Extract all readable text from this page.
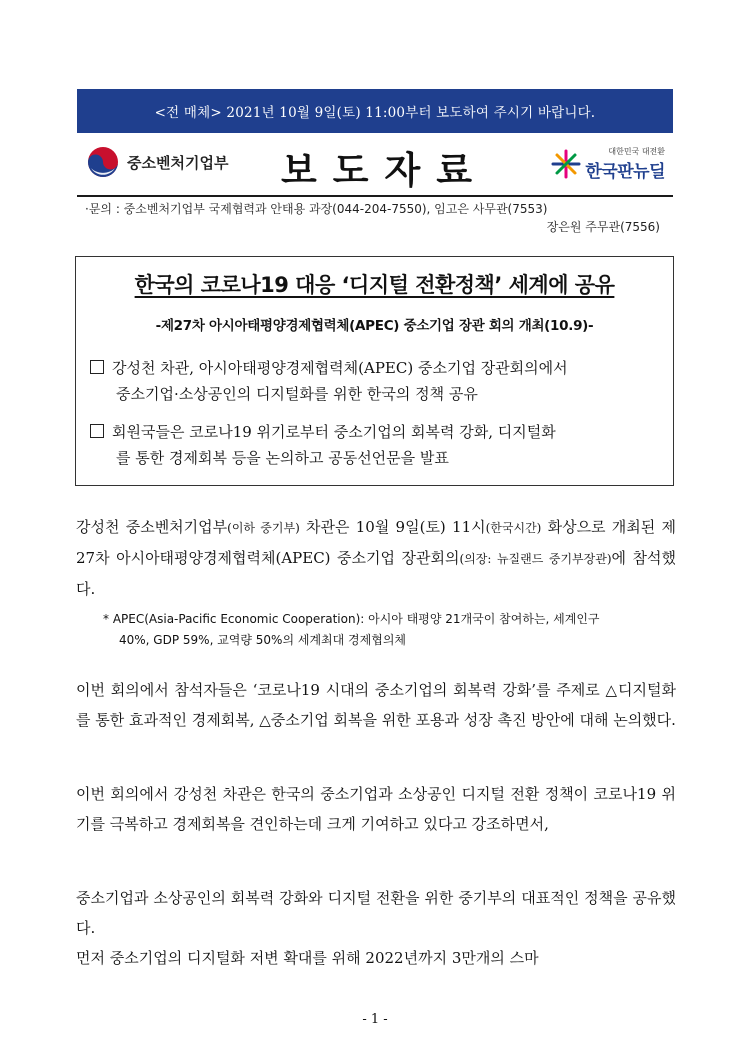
<전 매체> 2021년 10월 9일(토) 11:00부터 보도하여 주시기 바랍니다.
중소벤처기업부 보도자료	대한민국 대전환
한국판뉴딜
·문의 : 중소벤처기업부 국제협력과 안태용 과장(044-204-7550), 임고은 사무관(7553)
장은원 주무관(7556)
한국의 코로나19 대응 ‘디지털 전환정책’ 세계에 공유
-제27차 아시아태평양경제협력체(APEC) 중소기업 장관 회의 개최(10.9)-
강성천 차관, 아시아태평양경제협력체(APEC) 중소기업 장관회의에서
중소기업·소상공인의 디지털화를 위한 한국의 정책 공유
회원국들은 코로나19 위기로부터 중소기업의 회복력 강화, 디지털화
를 통한 경제회복 등을 논의하고 공동선언문을 발표
강성천 중소벤처기업부(이하 중기부) 차관은 10월 9일(토) 11시(한국시간) 화상으로 개최된 제27차 아시아태평양경제협력체(APEC) 중소기업 장관회의(의장: 뉴질랜드 중기부장관)에 참석했다.
* APEC(Asia-Pacific Economic Cooperation): 아시아 태평양 21개국이 참여하는, 세계인구
40%, GDP 59%, 교역량 50%의 세계최대 경제협의체
이번 회의에서 참석자들은 ‘코로나19 시대의 중소기업의 회복력 강화’를 주제로 △디지털화를 통한 효과적인 경제회복, △중소기업 회복을 위한 포용과 성장 촉진 방안에 대해 논의했다.
이번 회의에서 강성천 차관은 한국의 중소기업과 소상공인 디지털 전환 정책이 코로나19 위기를 극복하고 경제회복을 견인하는데 크게 기여하고 있다고 강조하면서,
중소기업과 소상공인의 회복력 강화와 디지털 전환을 위한 중기부의 대표적인 정책을 공유했다.
먼저 중소기업의 디지털화 저변 확대를 위해 2022년까지 3만개의 스마
- 1 -
